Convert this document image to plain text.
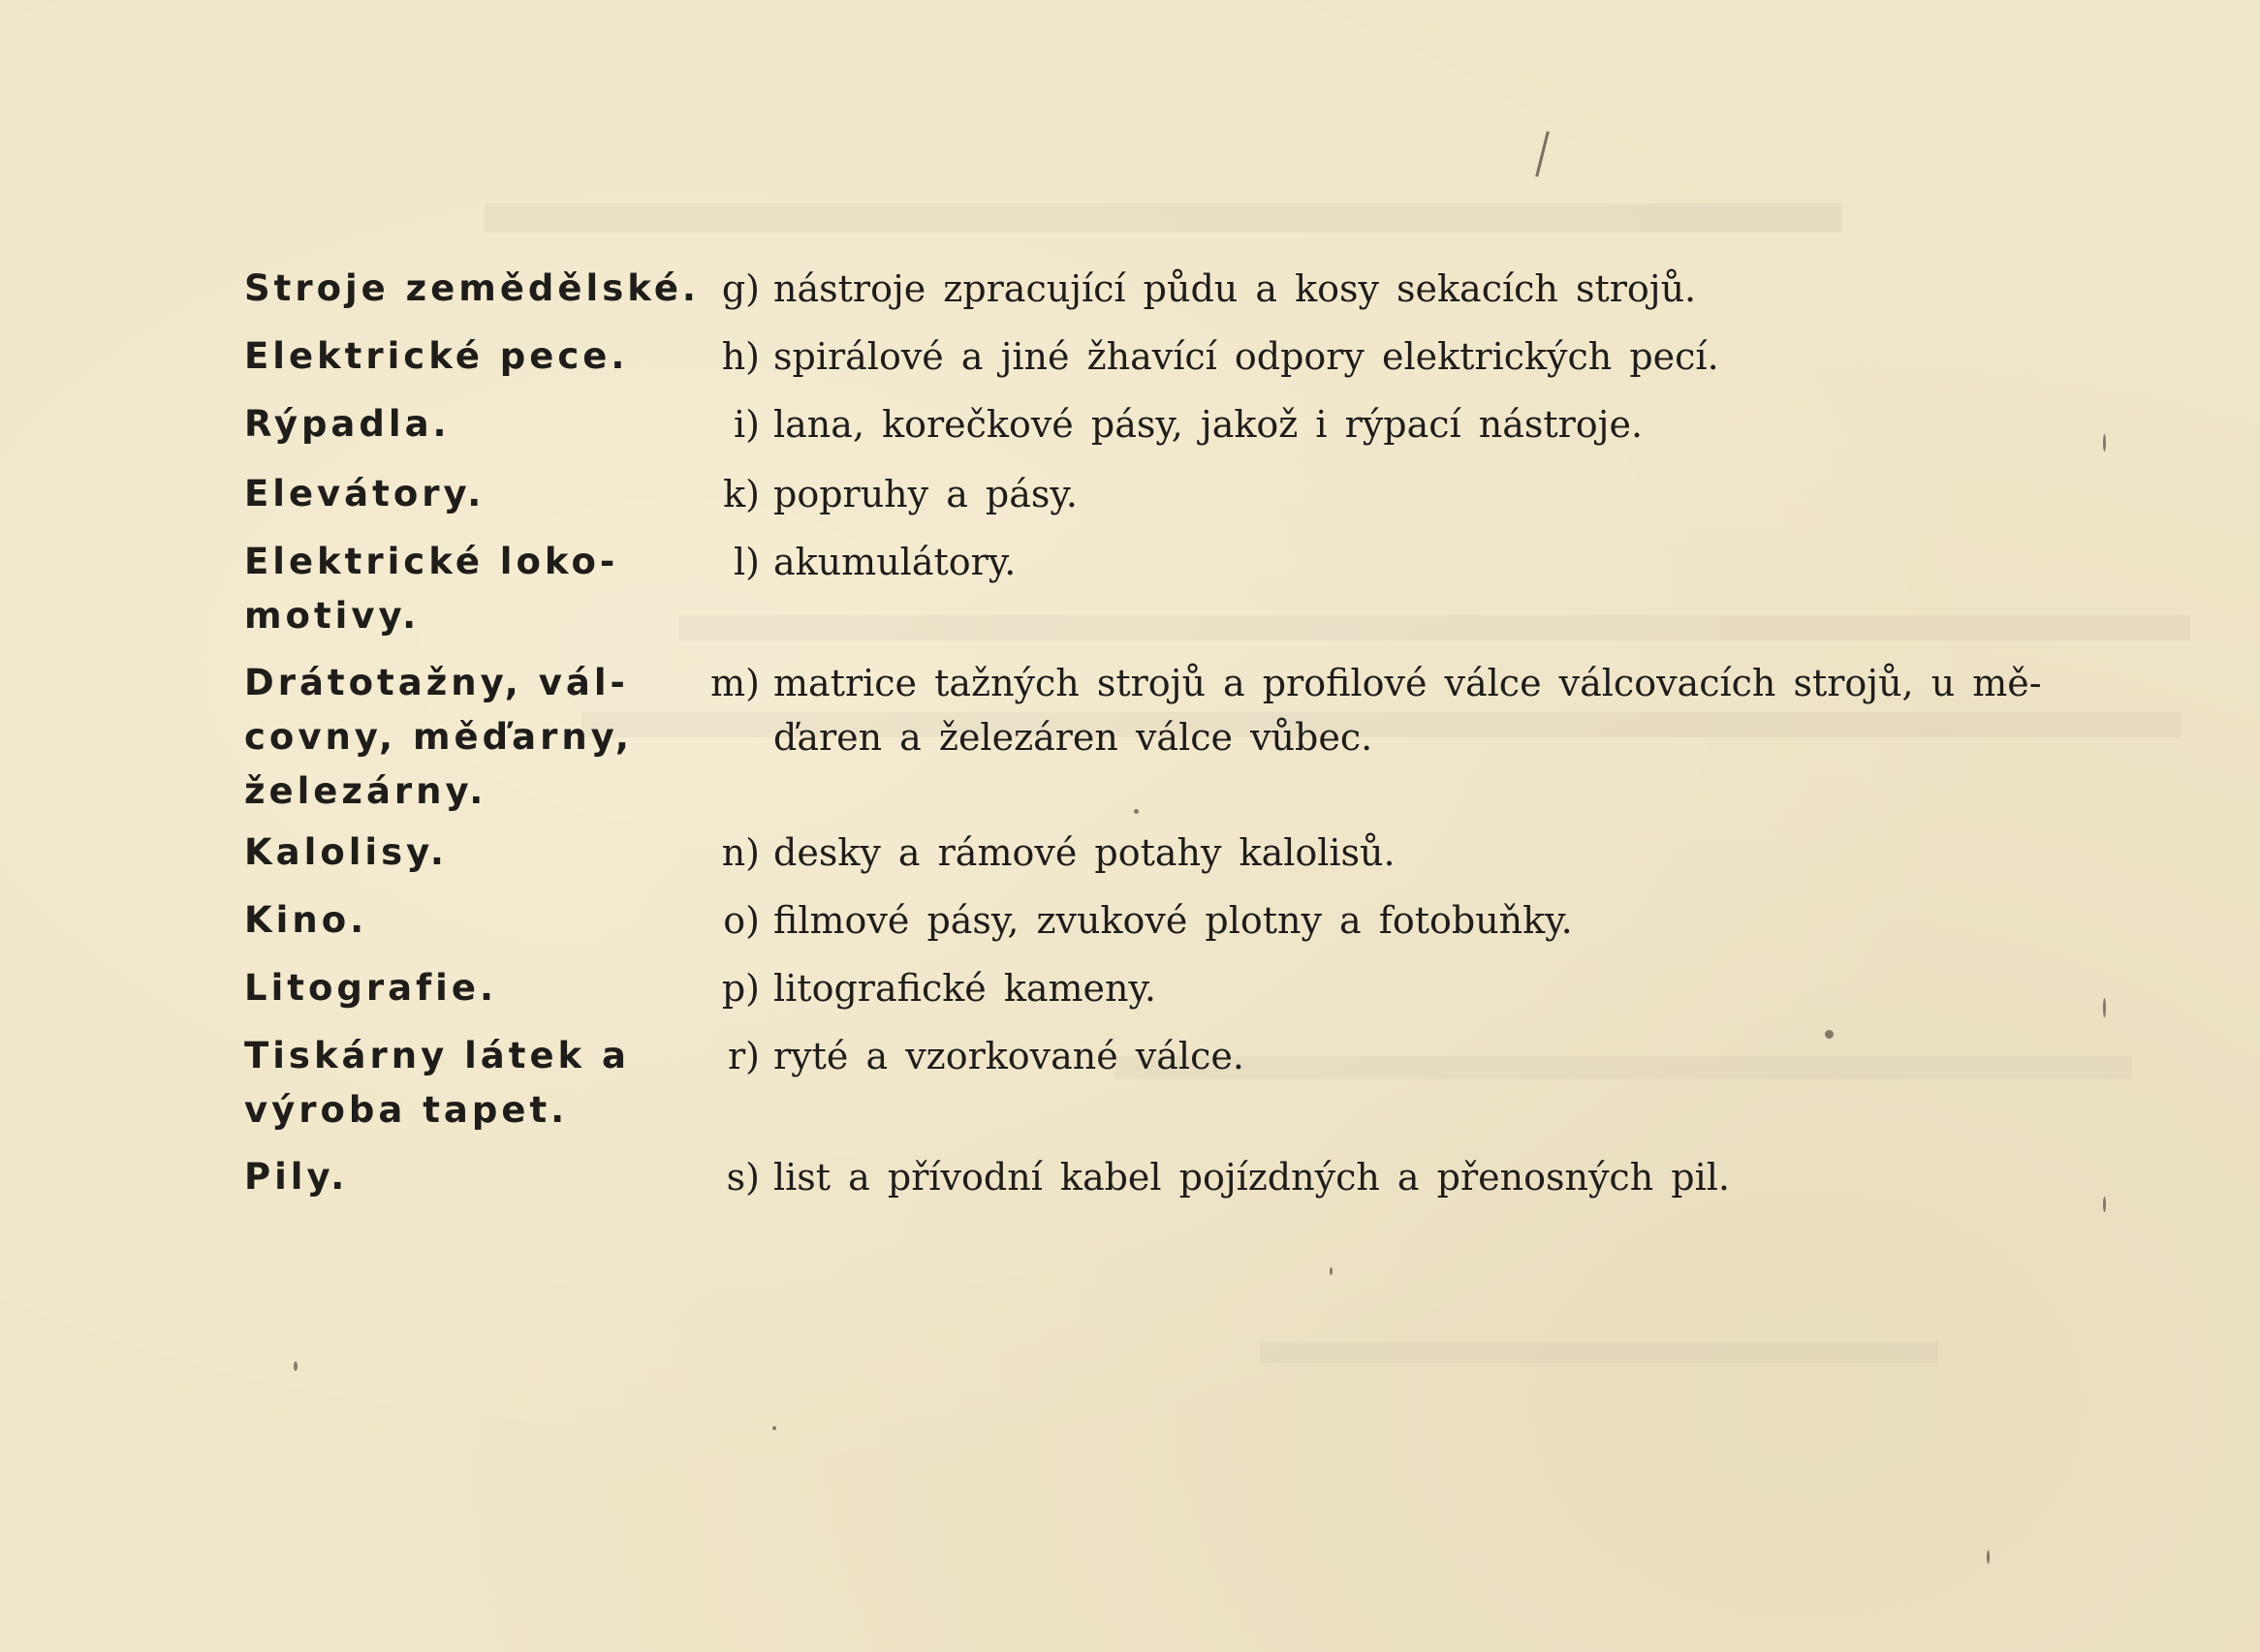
Stroje zemědělské. g) nástroje zpracující půdu a kosy sekacích strojů.
Elektrické pece.	h) spirálové a jiné žhavící odpory elektrických pecí.
Rýpadla.	i) lana, korečkové pásy, jakož i rýpací nástroje.
Elevátory.	k) popruhy a pásy.
Elektrické loko-
motivy.
l) akumulátory.
Drátotažny, vál-
covny, měďarny,
železárny.
m) matrice tažných strojů a profilové válce válcovacích strojů, u mě-
ďaren a železáren válce vůbec.
Kalolisy.	n) desky a rámové potahy kalolisů.
Kino.	o) filmové pásy, zvukové plotny a fotobuňky.
Litografie.	p) litografické kameny.
Tiskárny látek a
výroba tapet.
r) ryté a vzorkované válce.
Pily.	s) list a přívodní kabel pojízdných a přenosných pil.
